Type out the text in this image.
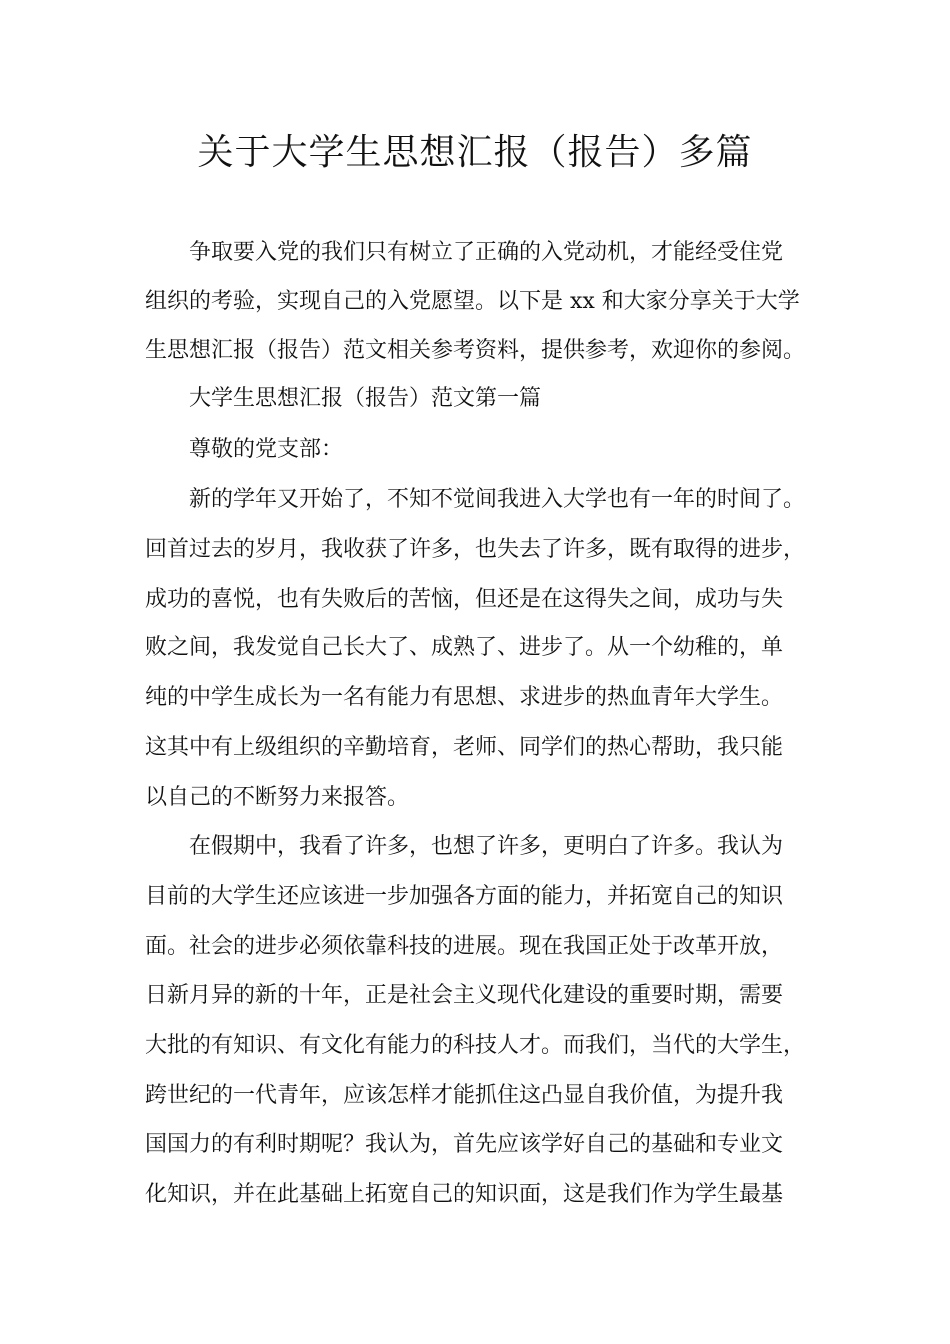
关于大学生思想汇报（报告）多篇

争取要入党的我们只有树立了正确的入党动机，才能经受住党

组织的考验，实现自己的入党愿望。以下是 xx 和大家分享关于大学

生思想汇报（报告）范文相关参考资料，提供参考，欢迎你的参阅。

大学生思想汇报（报告）范文第一篇

尊敬的党支部：

新的学年又开始了，不知不觉间我进入大学也有一年的时间了。

回首过去的岁月，我收获了许多，也失去了许多，既有取得的进步，

成功的喜悦，也有失败后的苦恼，但还是在这得失之间，成功与失

败之间，我发觉自己长大了、成熟了、进步了。从一个幼稚的，单

纯的中学生成长为一名有能力有思想、求进步的热血青年大学生。

这其中有上级组织的辛勤培育，老师、同学们的热心帮助，我只能

以自己的不断努力来报答。

在假期中，我看了许多，也想了许多，更明白了许多。我认为

目前的大学生还应该进一步加强各方面的能力，并拓宽自己的知识

面。社会的进步必须依靠科技的进展。现在我国正处于改革开放，

日新月异的新的十年，正是社会主义现代化建设的重要时期，需要

大批的有知识、有文化有能力的科技人才。而我们，当代的大学生，

跨世纪的一代青年，应该怎样才能抓住这凸显自我价值，为提升我

国国力的有利时期呢？我认为，首先应该学好自己的基础和专业文

化知识，并在此基础上拓宽自己的知识面，这是我们作为学生最基
